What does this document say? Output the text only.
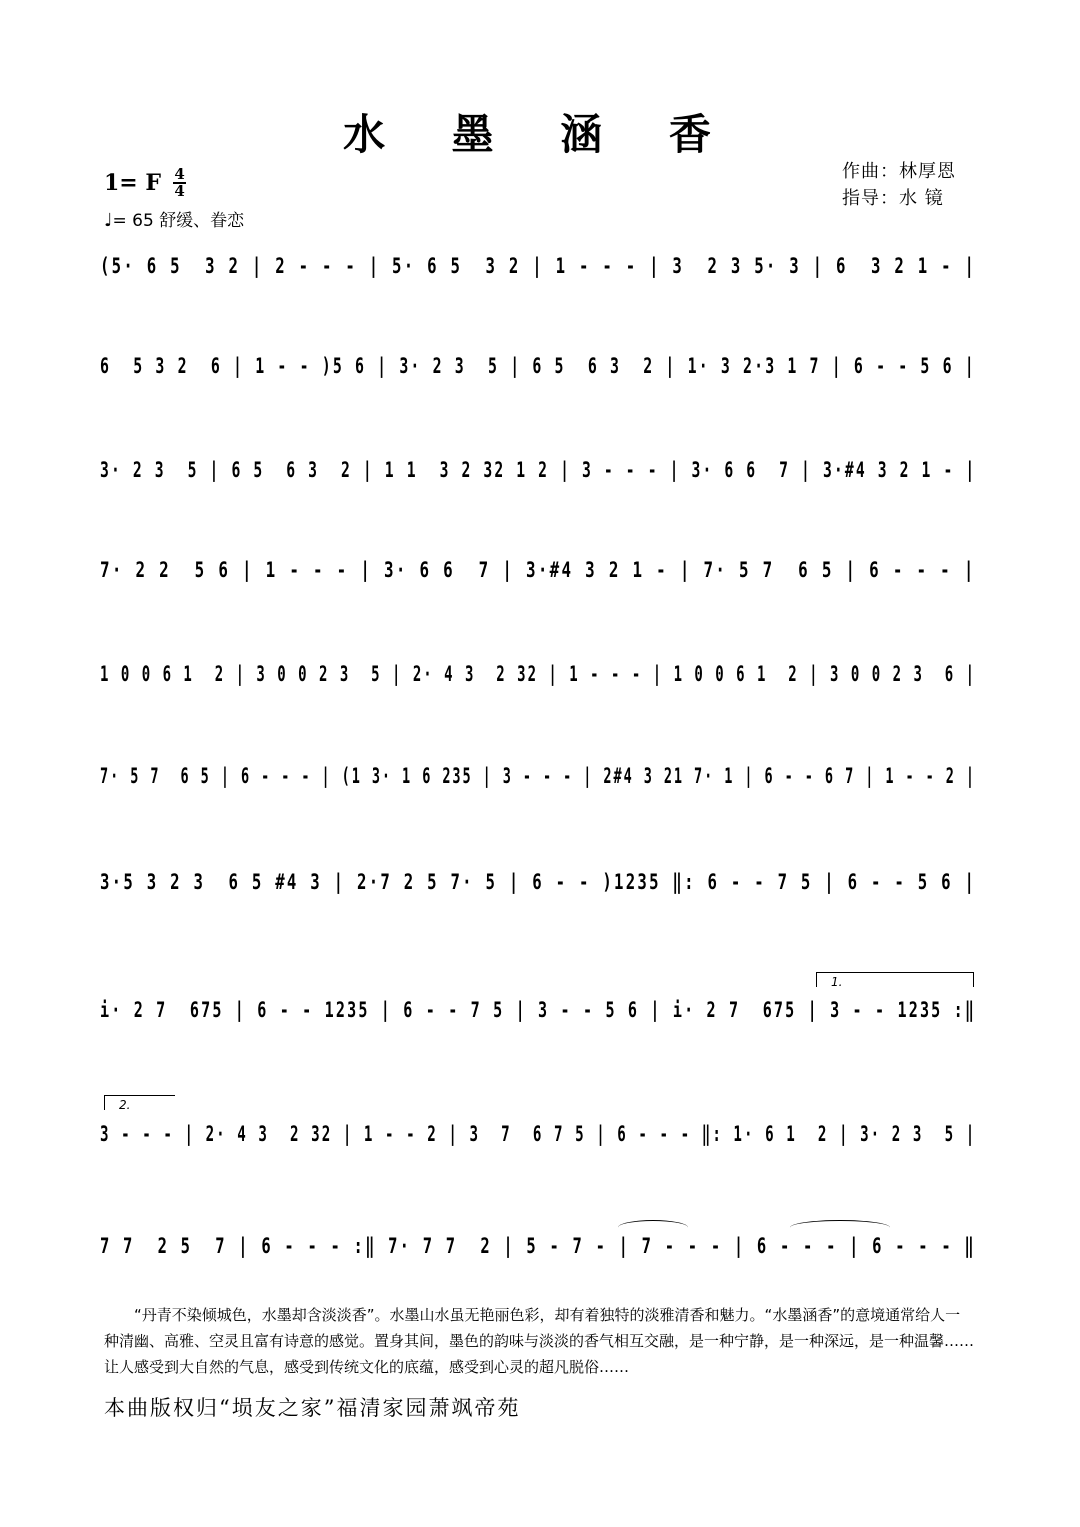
水 墨 涵 香
1= F 4
4
♩= 65 舒缓、眷恋
作曲：林厚恩
指导：水 镜
(5· 6 5  3 2 | 2 - - - | 5· 6 5  3 2 | 1 - - - | 3  2 3 5· 3 | 6  3 2 1 - |
6  5 3 2  6 | 1 - - )5 6 | 3· 2 3  5 | 6 5  6 3  2 | 1· 3 2·3 1 7 | 6 - - 5 6 |
3· 2 3  5 | 6 5  6 3  2 | 1 1  3 2 32 1 2 | 3 - - - | 3· 6 6  7 | 3·#4 3 2 1 - |
7· 2 2  5 6 | 1 - - - | 3· 6 6  7 | 3·#4 3 2 1 - | 7· 5 7  6 5 | 6 - - - |
1 0 0 6 1  2 | 3 0 0 2 3  5 | 2· 4 3  2 32 | 1 - - - | 1 0 0 6 1  2 | 3 0 0 2 3  6 |
7· 5 7  6 5 | 6 - - - | (1 3· 1 6 235 | 3 - - - | 2#4 3 21 7· 1 | 6 - - 6 7 | 1 - - 2 |
3·5 3 2 3  6 5 #4 3 | 2·7 2 5 7· 5 | 6 - - )1235 ‖: 6 - - 7 5 | 6 - - 5 6 |
1.
i· 2 7  675 | 6 - - 1235 | 6 - - 7 5 | 3 - - 5 6 | i· 2 7  675 | 3 - - 1235 :‖
2.
3 - - - | 2· 4 3  2 32 | 1 - - 2 | 3  7  6 7 5 | 6 - - - ‖: 1· 6 1  2 | 3· 2 3  5 |
7 7  2 5  7 | 6 - - - :‖ 7· 7 7  2 | 5 - 7 - | 7 - - - | 6 - - - | 6 - - - ‖
“丹青不染倾城色，水墨却含淡淡香”。水墨山水虽无艳丽色彩，却有着独特的淡雅清香和魅力。“水墨涵香”的意境通常给人一种清幽、高雅、空灵且富有诗意的感觉。置身其间，墨色的韵味与淡淡的香气相互交融，是一种宁静，是一种深远，是一种温馨……让人感受到大自然的气息，感受到传统文化的底蕴，感受到心灵的超凡脱俗……
本曲版权归“埙友之家”福清家园萧飒帝苑
